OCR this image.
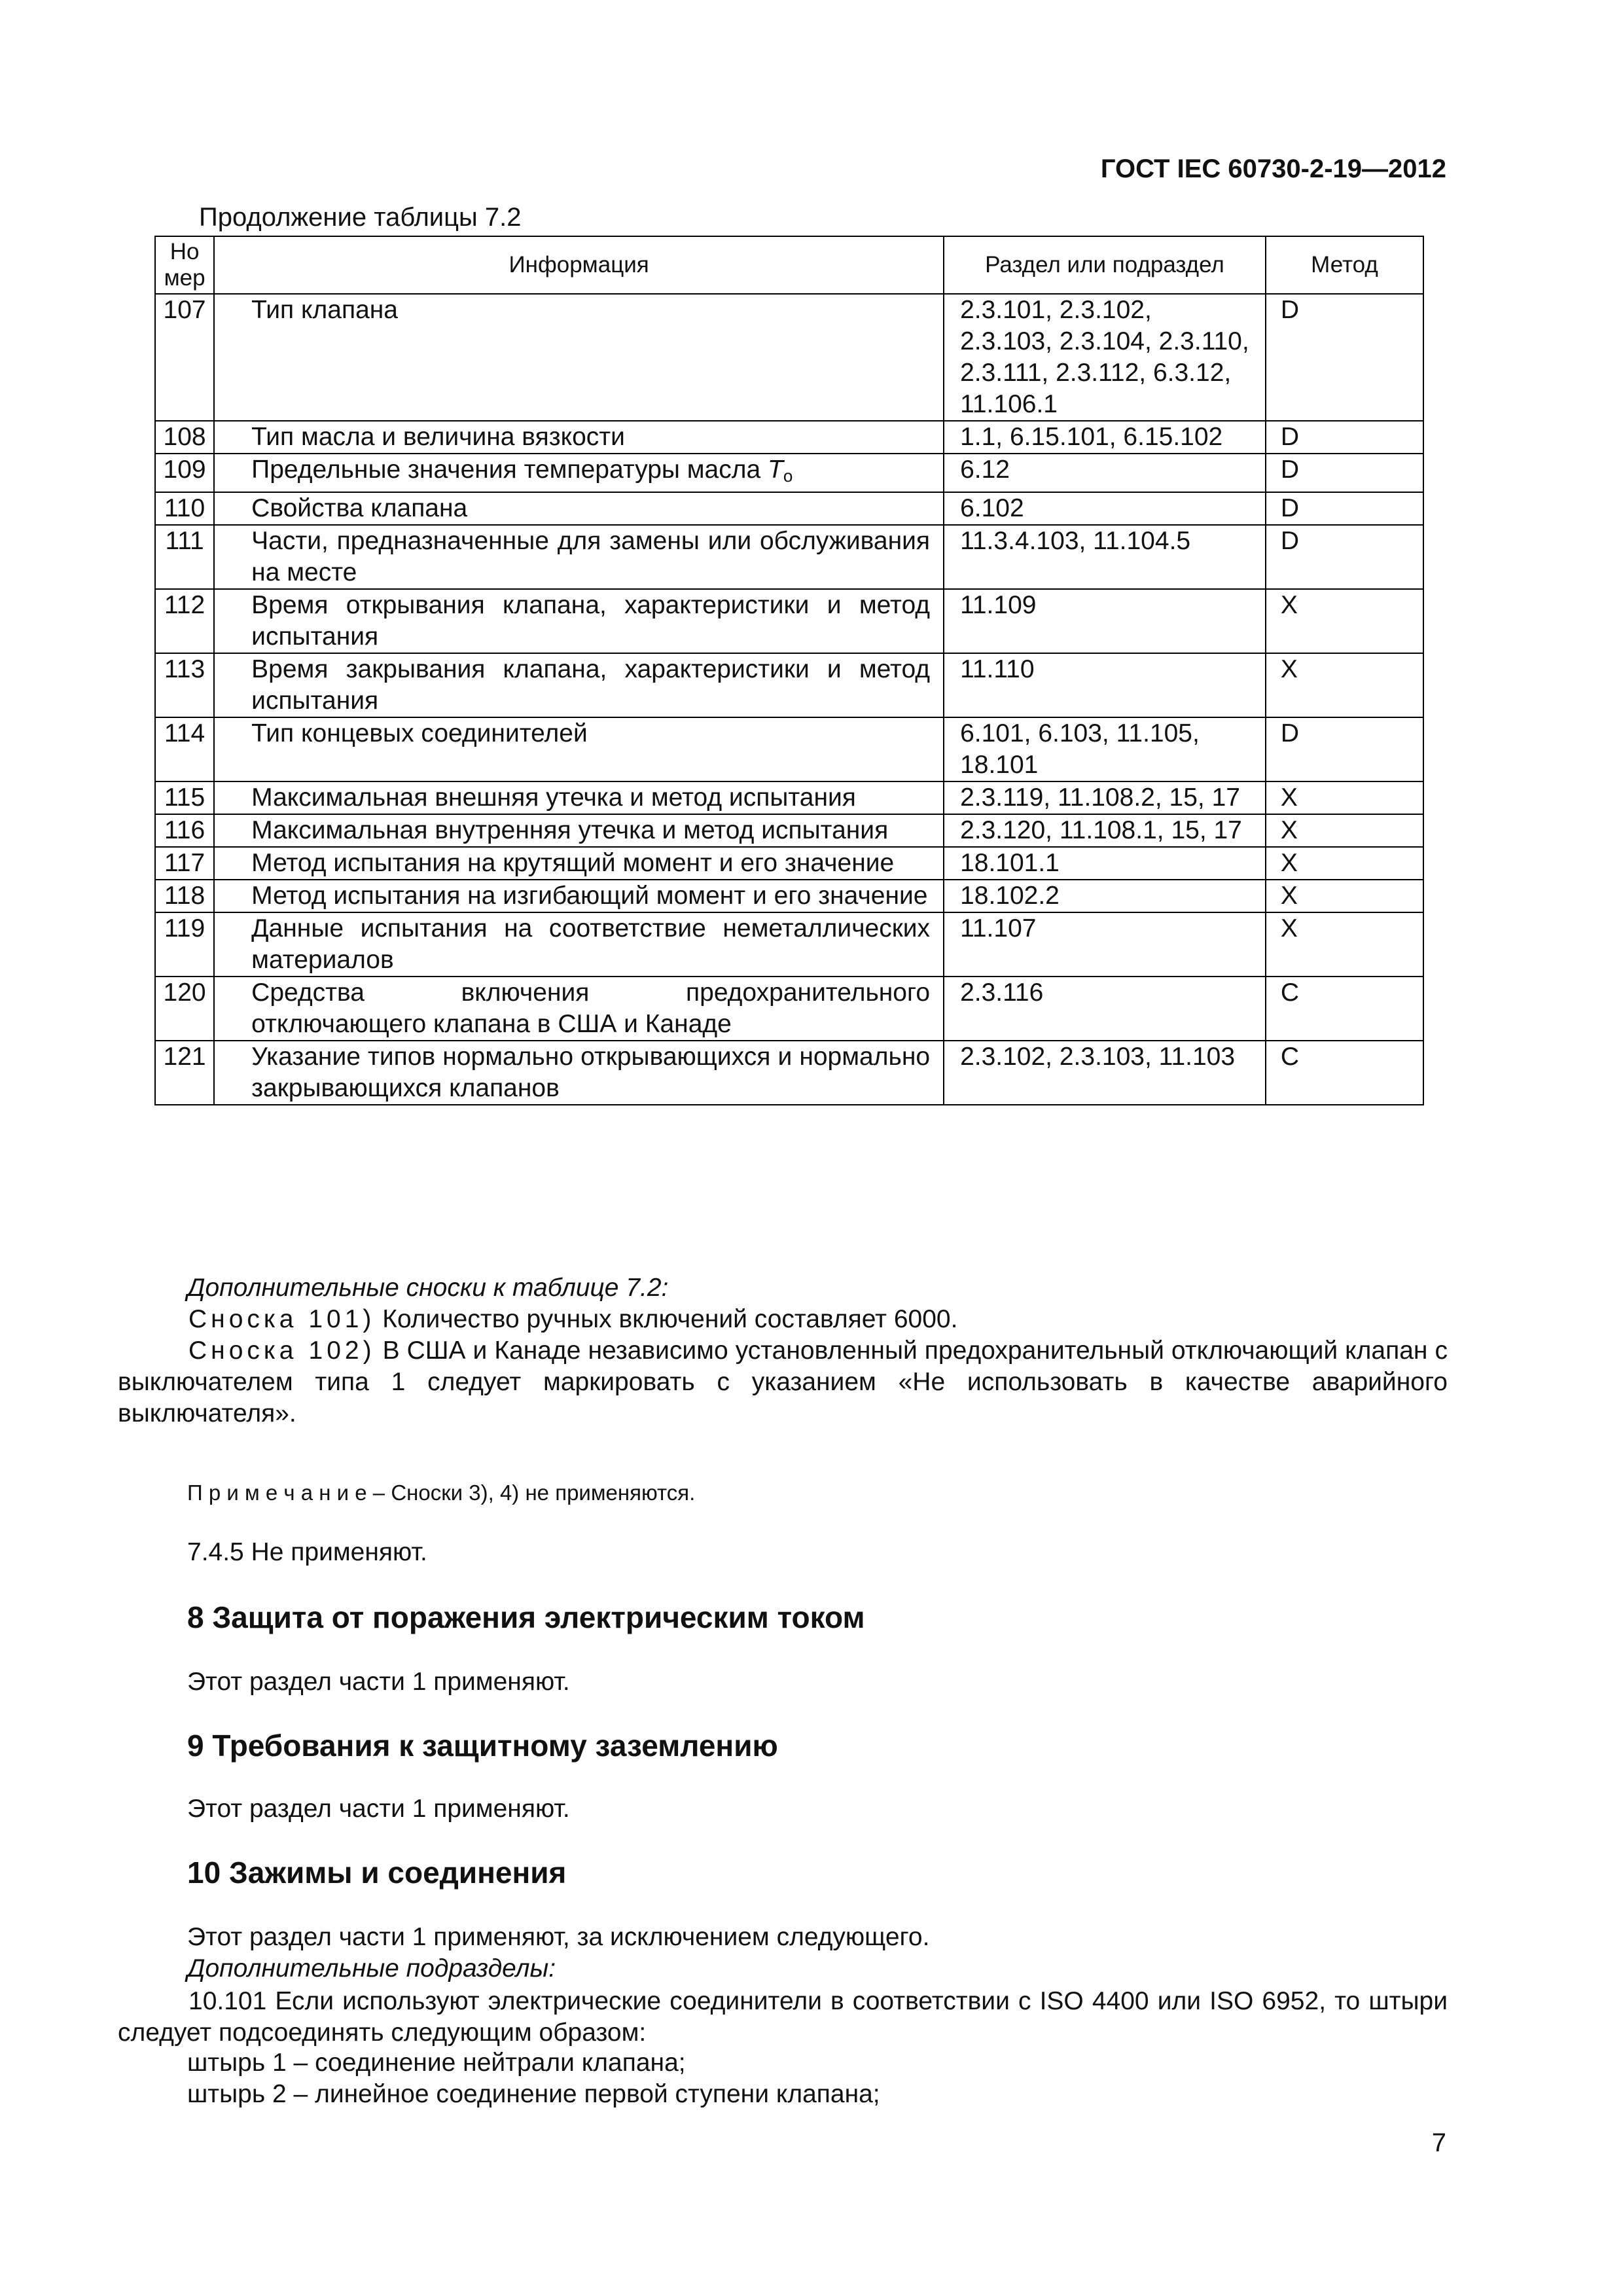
ГОСТ IEC 60730-2-19—2012
Продолжение таблицы 7.2
Но мер	Информация	Раздел или подраздел	Метод
107	Тип клапана	2.3.101, 2.3.102, 2.3.103, 2.3.104, 2.3.110, 2.3.111, 2.3.112, 6.3.12, 11.106.1	D
108	Тип масла и величина вязкости	1.1, 6.15.101, 6.15.102	D
109	Предельные значения температуры масла $T_o$	6.12	D
110	Свойства клапана	6.102	D
111	Части, предназначенные для замены или обслуживания на месте	11.3.4.103, 11.104.5	D
112	Время открывания клапана, характеристики и метод испытания	11.109	X
113	Время закрывания клапана, характеристики и метод испытания	11.110	X
114	Тип концевых соединителей	6.101, 6.103, 11.105, 18.101	D
115	Максимальная внешняя утечка и метод испытания	2.3.119, 11.108.2, 15, 17	X
116	Максимальная внутренняя утечка и метод испытания	2.3.120, 11.108.1, 15, 17	X
117	Метод испытания на крутящий момент и его значение	18.101.1	X
118	Метод испытания на изгибающий момент и его значение	18.102.2	X
119	Данные испытания на соответствие неметаллических материалов	11.107	X
120	Средства включения предохранительного отключающего клапана в США и Канаде	2.3.116	C
121	Указание типов нормально открывающихся и нормально закрывающихся клапанов	2.3.102, 2.3.103, 11.103	C
Дополнительные сноски к таблице 7.2:
Сноска 101) Количество ручных включений составляет 6000.
Сноска 102) В США и Канаде независимо установленный предохранительный отключающий клапан с выключателем типа 1 следует маркировать с указанием «Не использовать в качестве аварийного выключателя».
П р и м е ч а н и е – Сноски 3), 4) не применяются.
7.4.5 Не применяют.
8 Защита от поражения электрическим током
Этот раздел части 1 применяют.
9 Требования к защитному заземлению
Этот раздел части 1 применяют.
10 Зажимы и соединения
Этот раздел части 1 применяют, за исключением следующего.
Дополнительные подразделы:
10.101 Если используют электрические соединители в соответствии с ISO 4400 или ISO 6952, то штыри следует подсоединять следующим образом:
штырь 1 – соединение нейтрали клапана;
штырь 2 – линейное соединение первой ступени клапана;
7
